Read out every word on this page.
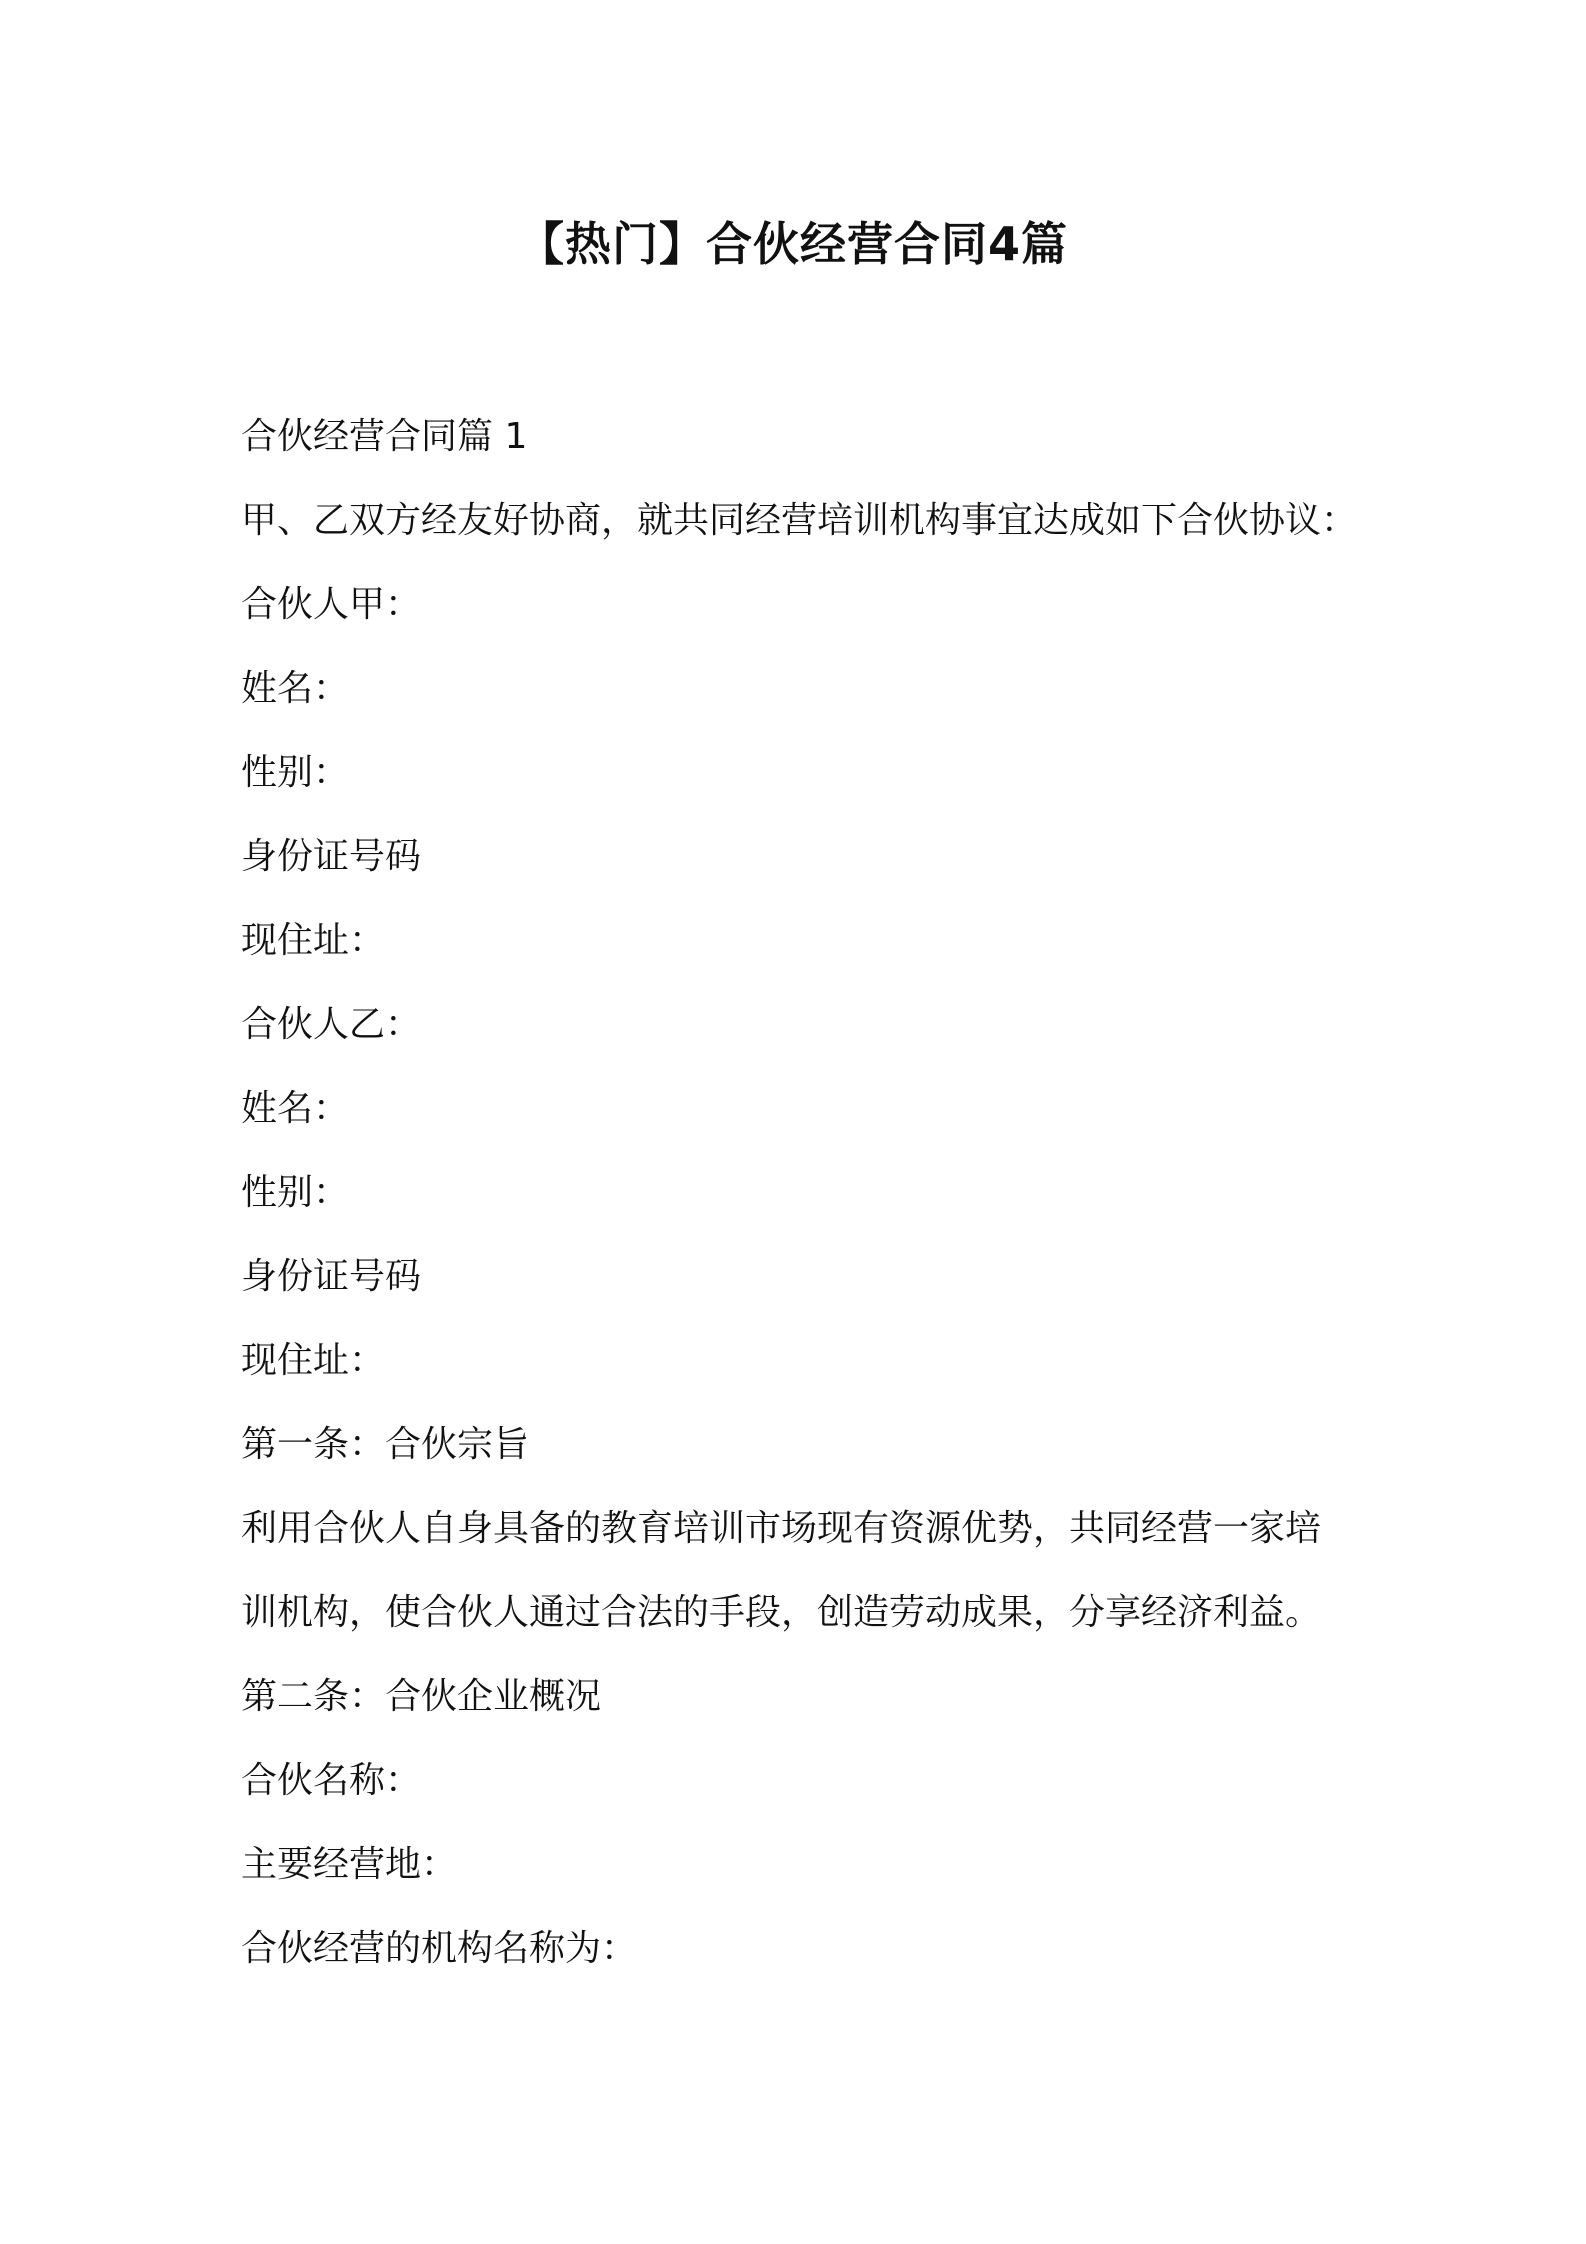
【热门】合伙经营合同4篇

合伙经营合同篇 1

甲、乙双方经友好协商，就共同经营培训机构事宜达成如下合伙协议：

合伙人甲：

姓名：

性别：

身份证号码

现住址：

合伙人乙：

姓名：

性别：

身份证号码

现住址：

第一条：合伙宗旨

利用合伙人自身具备的教育培训市场现有资源优势，共同经营一家培

训机构，使合伙人通过合法的手段，创造劳动成果，分享经济利益。

第二条：合伙企业概况

合伙名称：

主要经营地：

合伙经营的机构名称为：
